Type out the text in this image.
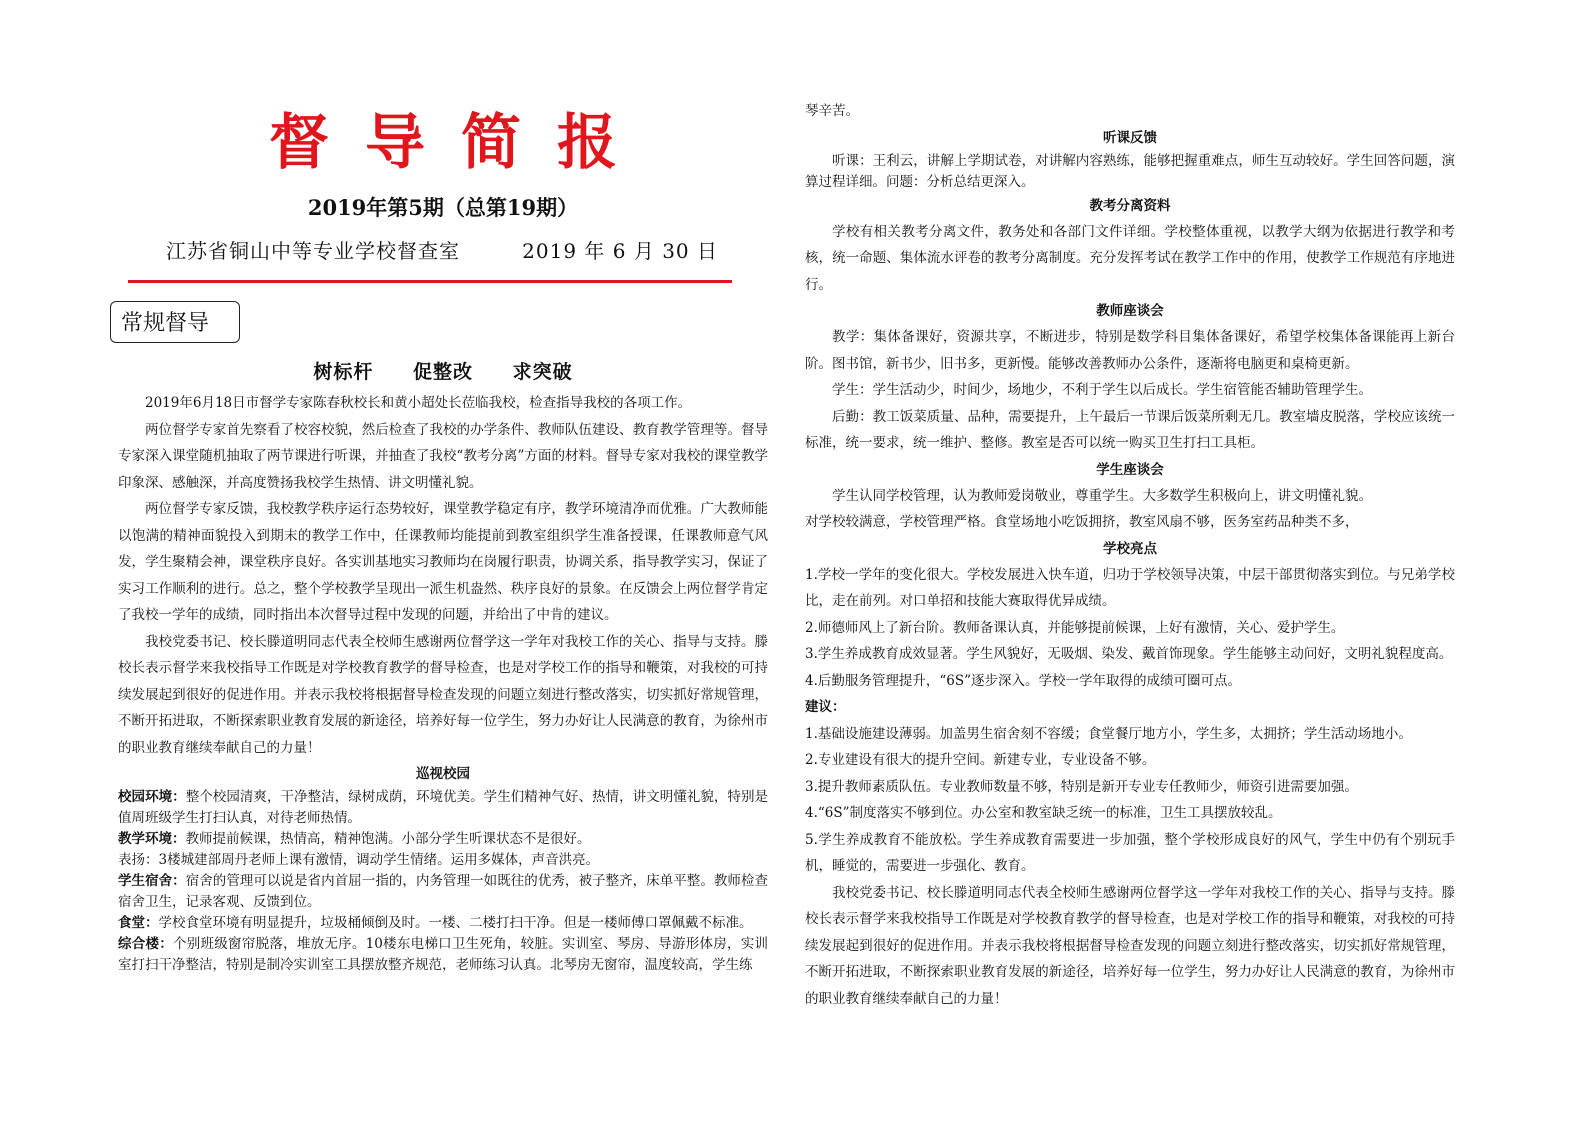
督导简报
2019年第5期（总第19期）
江苏省铜山中等专业学校督查室	2019 年 6 月 30 日
常规督导
树标杆 促整改 求突破

2019年6月18日市督学专家陈春秋校长和黄小超处长莅临我校，检查指导我校的各项工作。

两位督学专家首先察看了校容校貌，然后检查了我校的办学条件、教师队伍建设、教育教学管理等。督导专家深入课堂随机抽取了两节课进行听课，并抽查了我校“教考分离”方面的材料。督导专家对我校的课堂教学印象深、感触深，并高度赞扬我校学生热情、讲文明懂礼貌。

两位督学专家反馈，我校教学秩序运行态势较好，课堂教学稳定有序，教学环境清净而优雅。广大教师能以饱满的精神面貌投入到期末的教学工作中，任课教师均能提前到教室组织学生准备授课，任课教师意气风发，学生聚精会神，课堂秩序良好。各实训基地实习教师均在岗履行职责，协调关系，指导教学实习，保证了实习工作顺利的进行。总之，整个学校教学呈现出一派生机盎然、秩序良好的景象。在反馈会上两位督学肯定了我校一学年的成绩，同时指出本次督导过程中发现的问题，并给出了中肯的建议。

我校党委书记、校长滕道明同志代表全校师生感谢两位督学这一学年对我校工作的关心、指导与支持。滕校长表示督学来我校指导工作既是对学校教育教学的督导检查，也是对学校工作的指导和鞭策，对我校的可持续发展起到很好的促进作用。并表示我校将根据督导检查发现的问题立刻进行整改落实，切实抓好常规管理，不断开拓进取，不断探索职业教育发展的新途径，培养好每一位学生，努力办好让人民满意的教育，为徐州市的职业教育继续奉献自己的力量！

巡视校园

校园环境：整个校园清爽，干净整洁，绿树成荫，环境优美。学生们精神气好、热情，讲文明懂礼貌，特别是值周班级学生打扫认真，对待老师热情。

教学环境：教师提前候课，热情高，精神饱满。小部分学生听课状态不是很好。

表扬：3楼城建部周丹老师上课有激情，调动学生情绪。运用多媒体，声音洪亮。

学生宿舍：宿舍的管理可以说是省内首屈一指的，内务管理一如既往的优秀，被子整齐，床单平整。教师检查宿舍卫生，记录客观、反馈到位。

食堂：学校食堂环境有明显提升，垃圾桶倾倒及时。一楼、二楼打扫干净。但是一楼师傅口罩佩戴不标准。

综合楼：个别班级窗帘脱落，堆放无序。10楼东电梯口卫生死角，较脏。实训室、琴房、导游形体房，实训室打扫干净整洁，特别是制冷实训室工具摆放整齐规范，老师练习认真。北琴房无窗帘，温度较高，学生练

琴辛苦。

听课反馈

听课：王利云，讲解上学期试卷，对讲解内容熟练，能够把握重难点，师生互动较好。学生回答问题，演算过程详细。问题：分析总结更深入。

教考分离资料

学校有相关教考分离文件，教务处和各部门文件详细。学校整体重视，以教学大纲为依据进行教学和考核，统一命题、集体流水评卷的教考分离制度。充分发挥考试在教学工作中的作用，使教学工作规范有序地进行。

教师座谈会

教学：集体备课好，资源共享，不断进步，特别是数学科目集体备课好，希望学校集体备课能再上新台阶。图书馆，新书少，旧书多，更新慢。能够改善教师办公条件，逐渐将电脑更和桌椅更新。

学生：学生活动少，时间少，场地少，不利于学生以后成长。学生宿管能否辅助管理学生。

后勤：教工饭菜质量、品种，需要提升，上午最后一节课后饭菜所剩无几。教室墙皮脱落，学校应该统一标准，统一要求，统一维护、整修。教室是否可以统一购买卫生打扫工具柜。

学生座谈会

学生认同学校管理，认为教师爱岗敬业，尊重学生。大多数学生积极向上，讲文明懂礼貌。

对学校较满意，学校管理严格。食堂场地小吃饭拥挤，教室风扇不够，医务室药品种类不多，

学校亮点

1.学校一学年的变化很大。学校发展进入快车道，归功于学校领导决策，中层干部贯彻落实到位。与兄弟学校比，走在前列。对口单招和技能大赛取得优异成绩。

2.师德师风上了新台阶。教师备课认真，并能够提前候课，上好有激情，关心、爱护学生。

3.学生养成教育成效显著。学生风貌好，无吸烟、染发、戴首饰现象。学生能够主动问好，文明礼貌程度高。

4.后勤服务管理提升，“6S”逐步深入。学校一学年取得的成绩可圈可点。

建议：

1.基础设施建设薄弱。加盖男生宿舍刻不容缓；食堂餐厅地方小，学生多，太拥挤；学生活动场地小。

2.专业建设有很大的提升空间。新建专业，专业设备不够。

3.提升教师素质队伍。专业教师数量不够，特别是新开专业专任教师少，师资引进需要加强。

4.“6S”制度落实不够到位。办公室和教室缺乏统一的标准，卫生工具摆放较乱。

5.学生养成教育不能放松。学生养成教育需要进一步加强，整个学校形成良好的风气，学生中仍有个别玩手机，睡觉的，需要进一步强化、教育。

我校党委书记、校长滕道明同志代表全校师生感谢两位督学这一学年对我校工作的关心、指导与支持。滕校长表示督学来我校指导工作既是对学校教育教学的督导检查，也是对学校工作的指导和鞭策，对我校的可持续发展起到很好的促进作用。并表示我校将根据督导检查发现的问题立刻进行整改落实，切实抓好常规管理，不断开拓进取，不断探索职业教育发展的新途径，培养好每一位学生，努力办好让人民满意的教育，为徐州市的职业教育继续奉献自己的力量！
